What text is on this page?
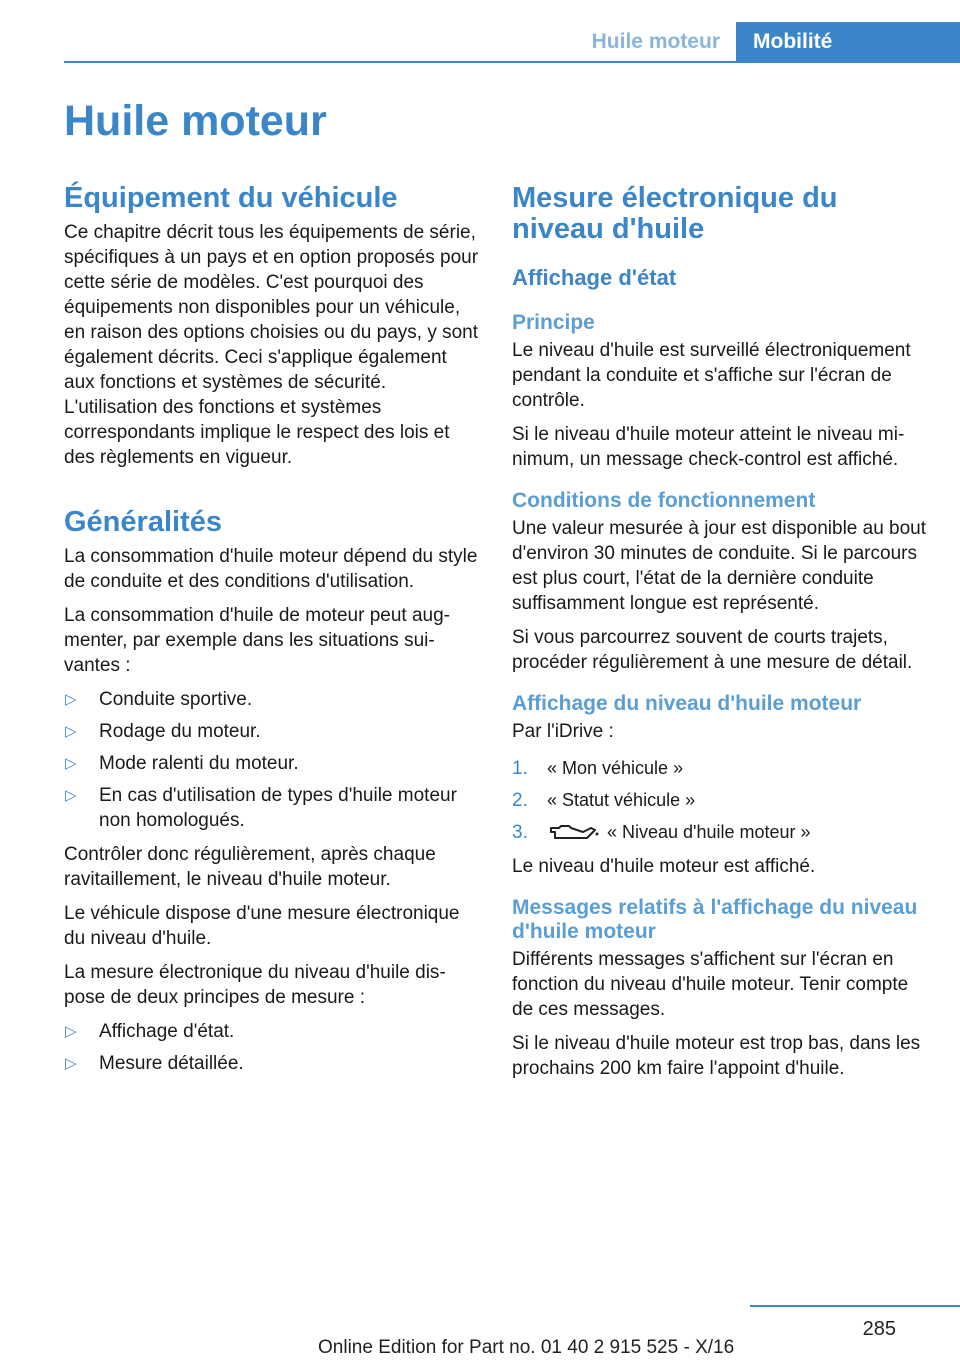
Huile moteur	Mobilité
Huile moteur
Équipement du véhicule

Ce chapitre décrit tous les équipements de série, spécifiques à un pays et en option proposés pour cette série de modèles. C'est pourquoi des équipements non disponibles pour un véhicule, en raison des options choisies ou du pays, y sont également décrits. Ceci s'applique également aux fonctions et systèmes de sécurité. L'utilisation des fonctions et systèmes correspondants implique le respect des lois et des règlements en vigueur.

Généralités

La consommation d'huile moteur dépend du style de conduite et des conditions d'utilisation.

La consommation d'huile de moteur peut augmenter, par exemple dans les situations suivantes :

▷ Conduite sportive.
▷ Rodage du moteur.
▷ Mode ralenti du moteur.
▷ En cas d'utilisation de types d'huile moteur non homologués.

Contrôler donc régulièrement, après chaque ravitaillement, le niveau d'huile moteur.

Le véhicule dispose d'une mesure électronique du niveau d'huile.

La mesure électronique du niveau d'huile dispose de deux principes de mesure :

▷ Affichage d'état.
▷ Mesure détaillée.
Mesure électronique du niveau d'huile
Affichage d'état
Principe

Le niveau d'huile est surveillé électroniquement pendant la conduite et s'affiche sur l'écran de contrôle.

Si le niveau d'huile moteur atteint le niveau minimum, un message check-control est affiché.

Conditions de fonctionnement

Une valeur mesurée à jour est disponible au bout d'environ 30 minutes de conduite. Si le parcours est plus court, l'état de la dernière conduite suffisamment longue est représenté.

Si vous parcourrez souvent de courts trajets, procéder régulièrement à une mesure de détail.

Affichage du niveau d'huile moteur

Par l'iDrive :

1. « Mon véhicule »
2. « Statut véhicule »
3.	« Niveau d'huile moteur »

Le niveau d'huile moteur est affiché.

Messages relatifs à l'affichage du niveau d'huile moteur

Différents messages s'affichent sur l'écran en fonction du niveau d'huile moteur. Tenir compte de ces messages.

Si le niveau d'huile moteur est trop bas, dans les prochains 200 km faire l'appoint d'huile.

285
Online Edition for Part no. 01 40 2 915 525 - X/16
